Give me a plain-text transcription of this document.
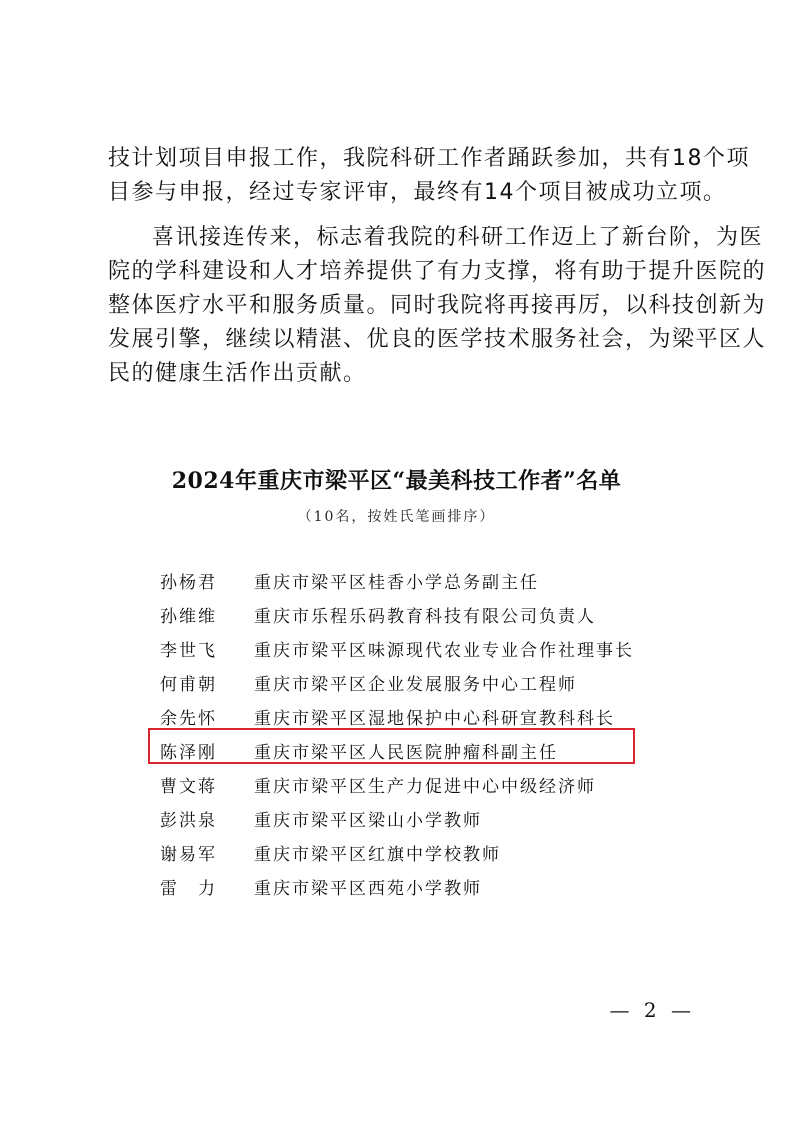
技计划项目申报工作，我院科研工作者踊跃参加，共有18个项
目参与申报，经过专家评审，最终有14个项目被成功立项。
喜讯接连传来，标志着我院的科研工作迈上了新台阶，为医
院的学科建设和人才培养提供了有力支撑，将有助于提升医院的
整体医疗水平和服务质量。同时我院将再接再厉，以科技创新为
发展引擎，继续以精湛、优良的医学技术服务社会，为梁平区人
民的健康生活作出贡献。
2024年重庆市梁平区“最美科技工作者”名单

（10名，按姓氏笔画排序）

孙杨君	重庆市梁平区桂香小学总务副主任
孙维维	重庆市乐程乐码教育科技有限公司负责人
李世飞	重庆市梁平区味源现代农业专业合作社理事长
何甫朝	重庆市梁平区企业发展服务中心工程师
余先怀	重庆市梁平区湿地保护中心科研宣教科科长
陈泽刚	重庆市梁平区人民医院肿瘤科副主任
曹文蒋	重庆市梁平区生产力促进中心中级经济师
彭洪泉	重庆市梁平区梁山小学教师
谢易军	重庆市梁平区红旗中学校教师
雷　力	重庆市梁平区西苑小学教师

— 2 —
